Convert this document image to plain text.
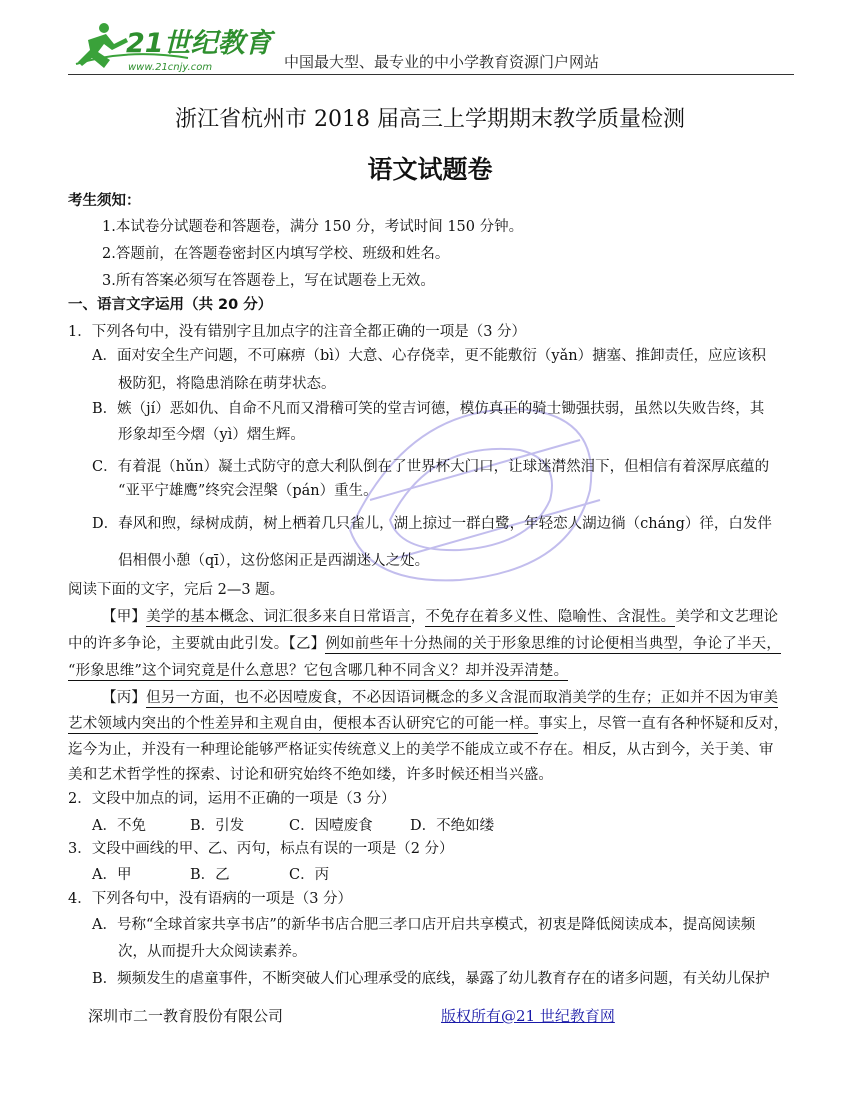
21世纪教育
www.21cnjy.com	中国最大型、最专业的中小学教育资源门户网站
浙江省杭州市 2018 届高三上学期期末教学质量检测
语文试题卷
考生须知：
1.本试卷分试题卷和答题卷，满分 150 分，考试时间 150 分钟。
2.答题前，在答题卷密封区内填写学校、班级和姓名。
3.所有答案必须写在答题卷上，写在试题卷上无效。
一、语言文字运用（共 20 分）
1．下列各句中，没有错别字且加点字的注音全都正确的一项是（3 分）
A．面对安全生产问题，不可麻痹（bì）大意、心存侥幸，更不能敷衍（yǎn）搪塞、推卸责任，应应该积
极防犯，将隐患消除在萌芽状态。
B．嫉（jí）恶如仇、自命不凡而又滑稽可笑的堂吉诃德，模仿真正的骑士锄强扶弱，虽然以失败告终，其
形象却至今熠（yì）熠生辉。
C．有着混（hǔn）凝土式防守的意大利队倒在了世界杯大门口，让球迷潸然泪下，但相信有着深厚底蕴的
“亚平宁雄鹰”终究会涅槃（pán）重生。
D．春风和煦，绿树成荫，树上栖着几只雀儿，湖上掠过一群白鹭，年轻恋人湖边徜（cháng）徉，白发伴
侣相偎小憩（qī），这份悠闲正是西湖迷人之处。
阅读下面的文字，完后 2—3 题。
【甲】美学的基本概念、词汇很多来自日常语言，不免存在着多义性、隐喻性、含混性。美学和文艺理论
中的许多争论，主要就由此引发。【乙】例如前些年十分热闹的关于形象思维的讨论便相当典型，争论了半天，
“形象思维”这个词究竟是什么意思？它包含哪几种不同含义？却并没弄清楚。
【丙】但另一方面，也不必因噎废食，不必因语词概念的多义含混而取消美学的生存；正如并不因为审美
艺术领域内突出的个性差异和主观自由，便根本否认研究它的可能一样。事实上，尽管一直有各种怀疑和反对，
迄今为止，并没有一种理论能够严格证实传统意义上的美学不能成立或不存在。相反，从古到今，关于美、审
美和艺术哲学性的探索、讨论和研究始终不绝如缕，许多时候还相当兴盛。
2．文段中加点的词，运用不正确的一项是（3 分）
A．不免	B．引发	C．因噎废食	D．不绝如缕
3．文段中画线的甲、乙、丙句，标点有误的一项是（2 分）
A．甲	B．乙	C．丙
4．下列各句中，没有语病的一项是（3 分）
A．号称“全球首家共享书店”的新华书店合肥三孝口店开启共享模式，初衷是降低阅读成本，提高阅读频
次，从而提升大众阅读素养。
B．频频发生的虐童事件，不断突破人们心理承受的底线，暴露了幼儿教育存在的诸多问题，有关幼儿保护
深圳市二一教育股份有限公司	版权所有@21 世纪教育网
